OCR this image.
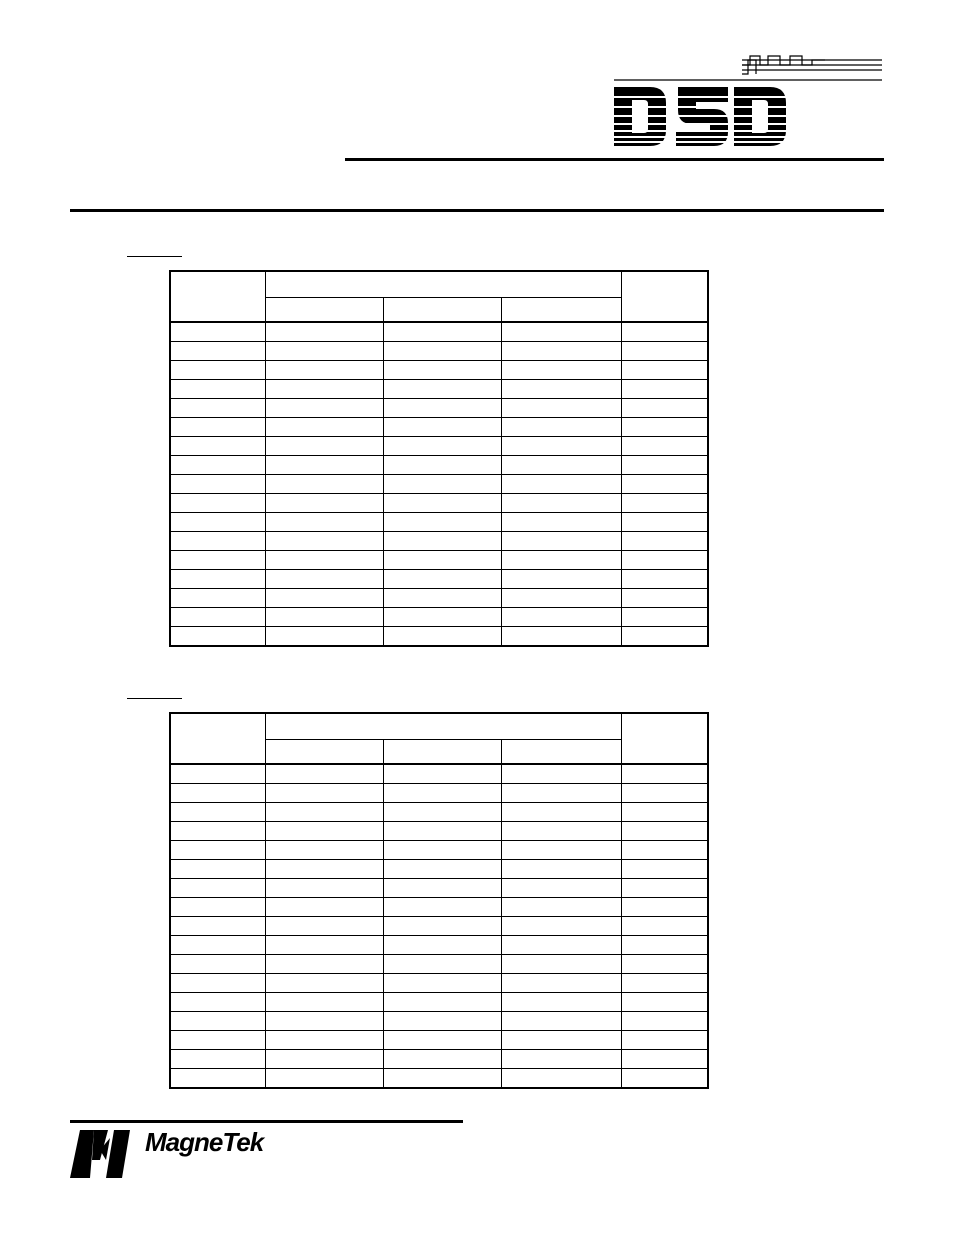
MagneTek
